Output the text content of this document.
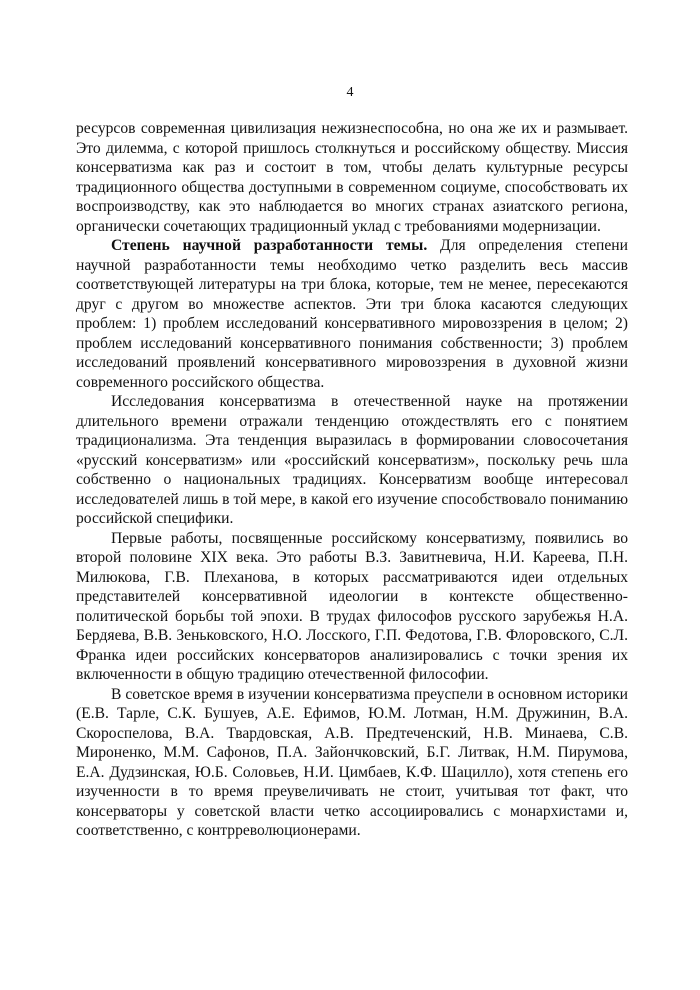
4

ресурсов современная цивилизация нежизнеспособна, но она же их и размывает. Это дилемма, с которой пришлось столкнуться и российскому обществу. Миссия консерватизма как раз и состоит в том, чтобы делать культурные ресурсы традиционного общества доступными в современном социуме, способствовать их воспроизводству, как это наблюдается во многих странах азиатского региона, органически сочетающих традиционный уклад с требованиями модернизации.

Степень научной разработанности темы. Для определения степени научной разработанности темы необходимо четко разделить весь массив соответствующей литературы на три блока, которые, тем не менее, пересекаются друг с другом во множестве аспектов. Эти три блока касаются следующих проблем: 1) проблем исследований консервативного мировоззрения в целом; 2) проблем исследований консервативного понимания собственности; 3) проблем исследований проявлений консервативного мировоззрения в духовной жизни современного российского общества.

Исследования консерватизма в отечественной науке на протяжении длительного времени отражали тенденцию отождествлять его с понятием традиционализма. Эта тенденция выразилась в формировании словосочетания «русский консерватизм» или «российский консерватизм», поскольку речь шла собственно о национальных традициях. Консерватизм вообще интересовал исследователей лишь в той мере, в какой его изучение способствовало пониманию российской специфики.

Первые работы, посвященные российскому консерватизму, появились во второй половине XIX века. Это работы В.З. Завитневича, Н.И. Кареева, П.Н. Милюкова, Г.В. Плеханова, в которых рассматриваются идеи отдельных представителей консервативной идеологии в контексте общественно-политической борьбы той эпохи. В трудах философов русского зарубежья Н.А. Бердяева, В.В. Зеньковского, Н.О. Лосского, Г.П. Федотова, Г.В. Флоровского, С.Л. Франка идеи российских консерваторов анализировались с точки зрения их включенности в общую традицию отечественной философии.

В советское время в изучении консерватизма преуспели в основном историки (Е.В. Тарле, С.К. Бушуев, А.Е. Ефимов, Ю.М. Лотман, Н.М. Дружинин, В.А. Скороспелова, В.А. Твардовская, А.В. Предтеченский, Н.В. Минаева, С.В. Мироненко, М.М. Сафонов, П.А. Зайончковский, Б.Г. Литвак, Н.М. Пирумова, Е.А. Дудзинская, Ю.Б. Соловьев, Н.И. Цимбаев, К.Ф. Шацилло), хотя степень его изученности в то время преувеличивать не стоит, учитывая тот факт, что консерваторы у советской власти четко ассоциировались с монархистами и, соответственно, с контрреволюционерами.
